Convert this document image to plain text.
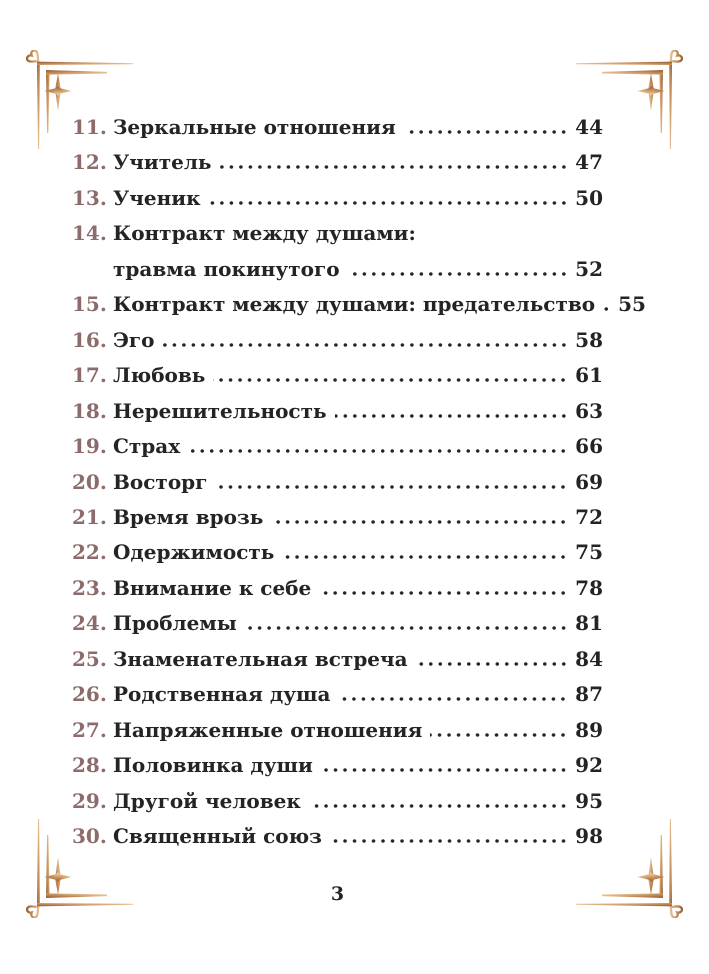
11. Зеркальные отношения	44
12. Учитель	47
13. Ученик	50
14. Контракт между душами:
травма покинутого	52
15. Контракт между душами: предательство 55
16. Эго	58
17. Любовь	61
18. Нерешительность	63
19. Страх	66
20. Восторг	69
21. Время врозь	72
22. Одержимость	75
23. Внимание к себе	78
24. Проблемы	81
25. Знаменательная встреча	84
26. Родственная душа	87
27. Напряженные отношения	89
28. Половинка души	92
29. Другой человек	95
30. Священный союз	98
3
